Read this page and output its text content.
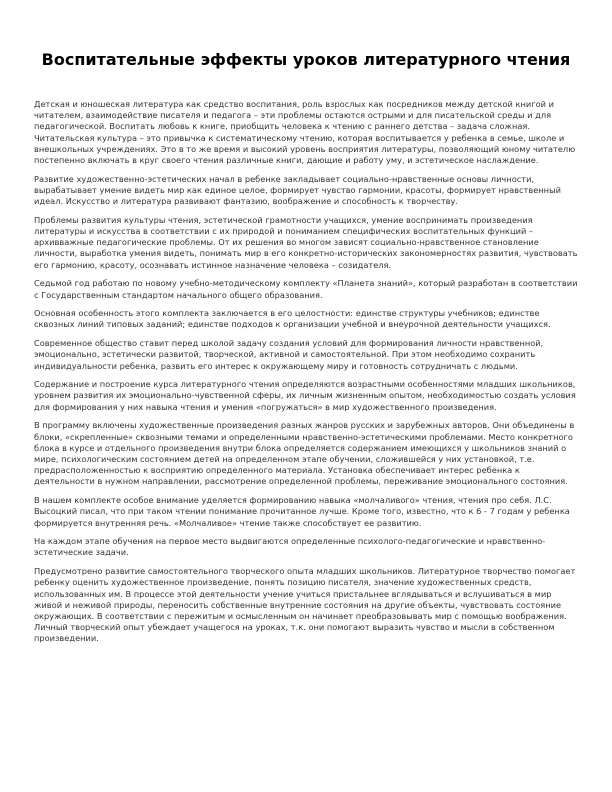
Воспитательные эффекты уроков литературного чтения

Детская и юношеская литература как средство воспитания, роль взрослых как посредников между детской книгой и читателем, взаимодействие писателя и педагога – эти проблемы остаются острыми и для писательской среды и для педагогической. Воспитать любовь к книге, приобщить человека к чтению с раннего детства – задача сложная. Читательская культура – это привычка к систематическому чтению, которая воспитывается у ребенка в семье, школе и внешкольных учреждениях. Это в то же время и высокий уровень восприятия литературы, позволяющий юному читателю постепенно включать в круг своего чтения различные книги, дающие и работу уму, и эстетическое наслаждение.

Развитие художественно-эстетических начал в ребенке закладывает социально-нравственные основы личности, вырабатывает умение видеть мир как единое целое, формирует чувство гармонии, красоты, формирует нравственный идеал. Искусство и литература развивают фантазию, воображение и способность к творчеству.

Проблемы развития культуры чтения, эстетической грамотности учащихся, умение воспринимать произведения литературы и искусства в соответствии с их природой и пониманием специфических воспитательных функций – архивважные педагогические проблемы. От их решения во многом зависят социально-нравственное становление личности, выработка умения видеть, понимать мир в его конкретно-исторических закономерностях развития, чувствовать его гармонию, красоту, осознавать истинное назначение человека – созидателя.

Седьмой год работаю по новому учебно-методическому комплекту «Планета знаний», который разработан в соответствии с Государственным стандартом начального общего образования.

Основная особенность этого комплекта заключается в его целостности: единстве структуры учебников; единстве сквозных линий типовых заданий; единстве подходов к организации учебной и внеурочной деятельности учащихся.

Современное общество ставит перед школой задачу создания условий для формирования личности нравственной, эмоционально, эстетически развитой, творческой, активной и самостоятельной. При этом необходимо сохранить индивидуальности ребенка, развить его интерес к окружающему миру и готовность сотрудничать с людьми.

Содержание и построение курса литературного чтения определяются возрастными особенностями младших школьников, уровнем развития их эмоционально-чувственной сферы, их личным жизненным опытом, необходимостью создать условия для формирования у них навыка чтения и умения «погружаться» в мир художественного произведения.

В программу включены художественные произведения разных жанров русских и зарубежных авторов. Они объединены в блоки, «скрепленные» сквозными темами и определенными нравственно-эстетическими проблемами. Место конкретного блока в курсе и отдельного произведения внутри блока определяется содержанием имеющихся у школьников знаний о мире, психологическим состоянием детей на определенном этапе обучении, сложившейся у них установкой, т.е. предрасположенностью к восприятию определенного материала. Установка обеспечивает интерес ребенка к деятельности в нужном направлении, рассмотрение определенной проблемы, переживание эмоционального состояния.

В нашем комплекте особое внимание уделяется формированию навыка «молчаливого» чтения, чтения про себя. Л.С. Высоцкий писал, что при таком чтении понимание прочитанное лучше. Кроме того, известно, что к 6 - 7 годам у ребенка формируется внутренняя речь. «Молчаливое» чтение также способствует ее развитию.

На каждом этапе обучения на первое место выдвигаются определенные психолого-педагогические и нравственно-эстетические задачи.

Предусмотрено развитие самостоятельного творческого опыта младших школьников. Литературное творчество помогает ребенку оценить художественное произведение, понять позицию писателя, значение художественных средств, использованных им. В процессе этой деятельности учение учиться пристальнее вглядываться и вслушиваться в мир живой и неживой природы, переносить собственные внутренние состояния на другие объекты, чувствовать состояние окружающих. В соответствии с пережитым и осмысленным он начинает преобразовывать мир с помощью воображения. Личный творческий опыт убеждает учащегося на уроках, т.к. они помогают выразить чувство и мысли в собственном произведении.
